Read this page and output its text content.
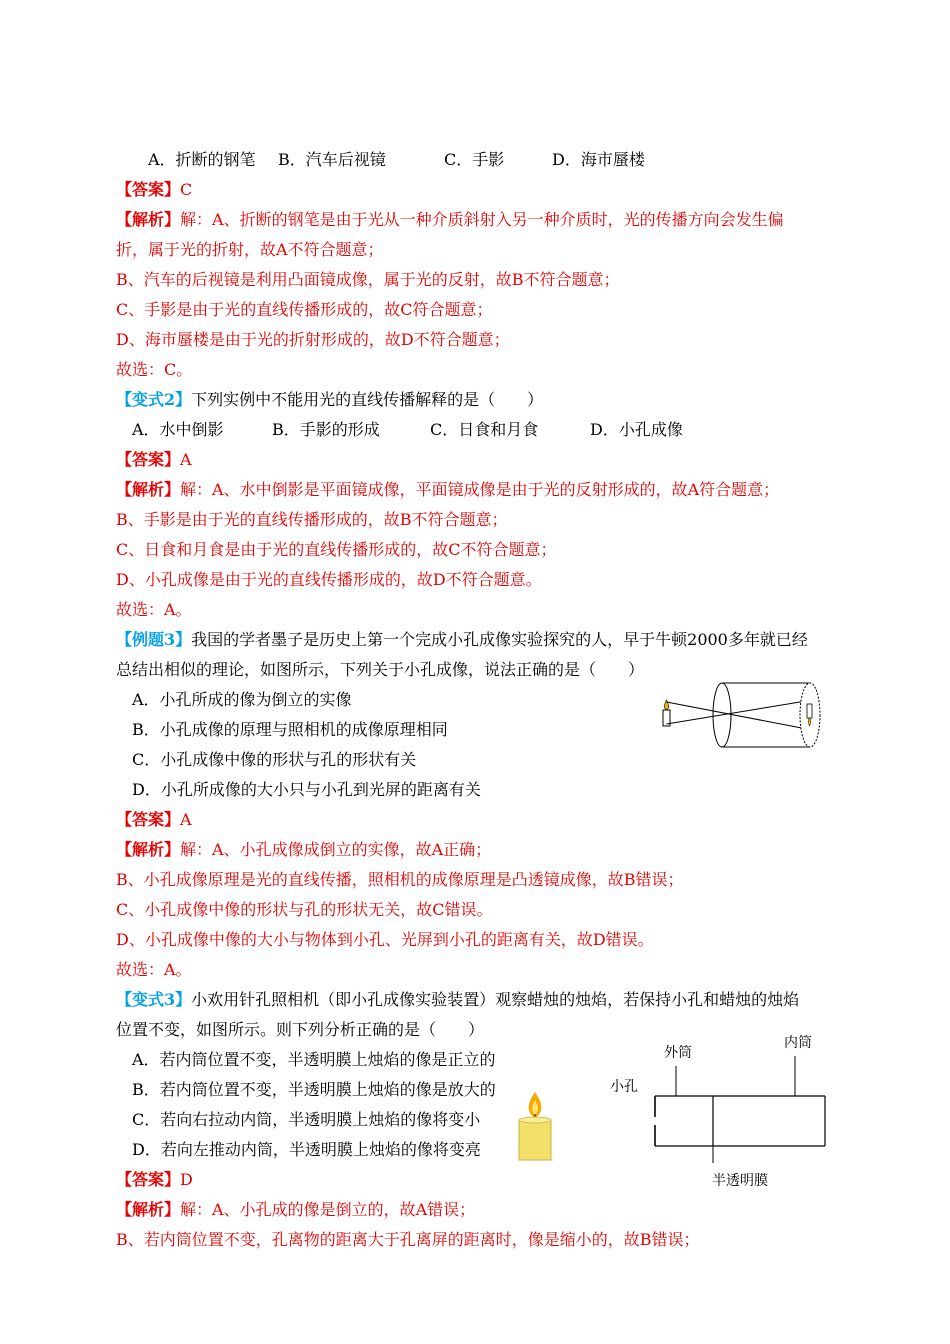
A．折断的钢笔 B．汽车后视镜	C．手影	D．海市蜃楼
【答案】C
【解析】解：A、折断的钢笔是由于光从一种介质斜射入另一种介质时，光的传播方向会发生偏
折，属于光的折射，故A不符合题意；
B、汽车的后视镜是利用凸面镜成像，属于光的反射，故B不符合题意；
C、手影是由于光的直线传播形成的，故C符合题意；
D、海市蜃楼是由于光的折射形成的，故D不符合题意；
故选：C。
【变式2】下列实例中不能用光的直线传播解释的是（　　）
A．水中倒影	B．手影的形成	C．日食和月食	D．小孔成像
【答案】A
【解析】解：A、水中倒影是平面镜成像，平面镜成像是由于光的反射形成的，故A符合题意；
B、手影是由于光的直线传播形成的，故B不符合题意；
C、日食和月食是由于光的直线传播形成的，故C不符合题意；
D、小孔成像是由于光的直线传播形成的，故D不符合题意。
故选：A。
【例题3】我国的学者墨子是历史上第一个完成小孔成像实验探究的人，早于牛顿2000多年就已经
总结出相似的理论，如图所示，下列关于小孔成像，说法正确的是（　　）
A．小孔所成的像为倒立的实像
B．小孔成像的原理与照相机的成像原理相同
C．小孔成像中像的形状与孔的形状有关
D．小孔所成像的大小只与小孔到光屏的距离有关
【答案】A
【解析】解：A、小孔成像成倒立的实像，故A正确；
B、小孔成像原理是光的直线传播，照相机的成像原理是凸透镜成像，故B错误；
C、小孔成像中像的形状与孔的形状无关，故C错误。
D、小孔成像中像的大小与物体到小孔、光屏到小孔的距离有关，故D错误。
故选：A。
【变式3】小欢用针孔照相机（即小孔成像实验装置）观察蜡烛的烛焰，若保持小孔和蜡烛的烛焰
位置不变，如图所示。则下列分析正确的是（　　）
A．若内筒位置不变，半透明膜上烛焰的像是正立的
B．若内筒位置不变，半透明膜上烛焰的像是放大的
C．若向右拉动内筒，半透明膜上烛焰的像将变小
D．若向左推动内筒，半透明膜上烛焰的像将变亮
外筒
内筒
小孔
半透明膜
【答案】D
【解析】解：A、小孔成的像是倒立的，故A错误；
B、若内筒位置不变，孔离物的距离大于孔离屏的距离时，像是缩小的，故B错误；
